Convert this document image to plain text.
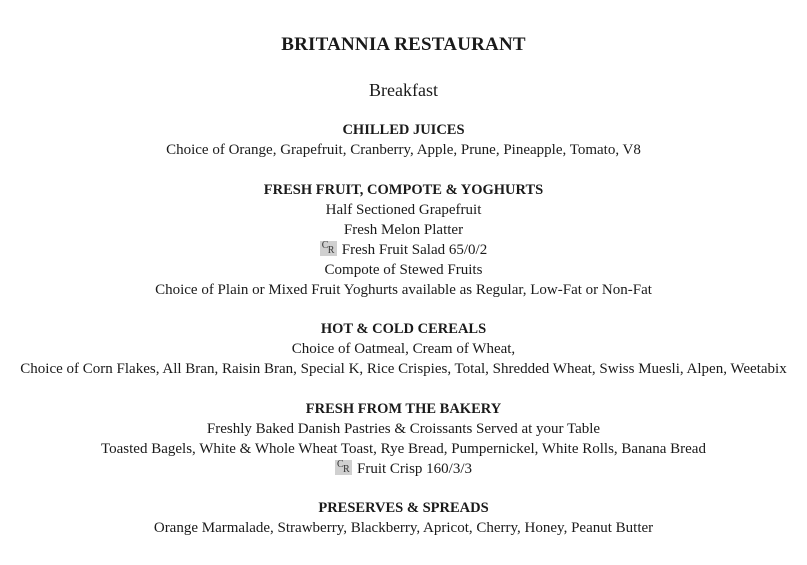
BRITANNIA RESTAURANT
Breakfast
CHILLED JUICES
Choice of Orange, Grapefruit, Cranberry, Apple, Prune, Pineapple, Tomato, V8
FRESH FRUIT, COMPOTE & YOGHURTS
Half Sectioned Grapefruit
Fresh Melon Platter
C R Fresh Fruit Salad 65/0/2
Compote of Stewed Fruits
Choice of Plain or Mixed Fruit Yoghurts available as Regular, Low-Fat or Non-Fat
HOT & COLD CEREALS
Choice of Oatmeal, Cream of Wheat,
Choice of Corn Flakes, All Bran, Raisin Bran, Special K, Rice Crispies, Total, Shredded Wheat, Swiss Muesli, Alpen, Weetabix
FRESH FROM THE BAKERY
Freshly Baked Danish Pastries & Croissants Served at your Table
Toasted Bagels, White & Whole Wheat Toast, Rye Bread, Pumpernickel, White Rolls, Banana Bread
C R Fruit Crisp 160/3/3
PRESERVES & SPREADS
Orange Marmalade, Strawberry, Blackberry, Apricot, Cherry, Honey, Peanut Butter
